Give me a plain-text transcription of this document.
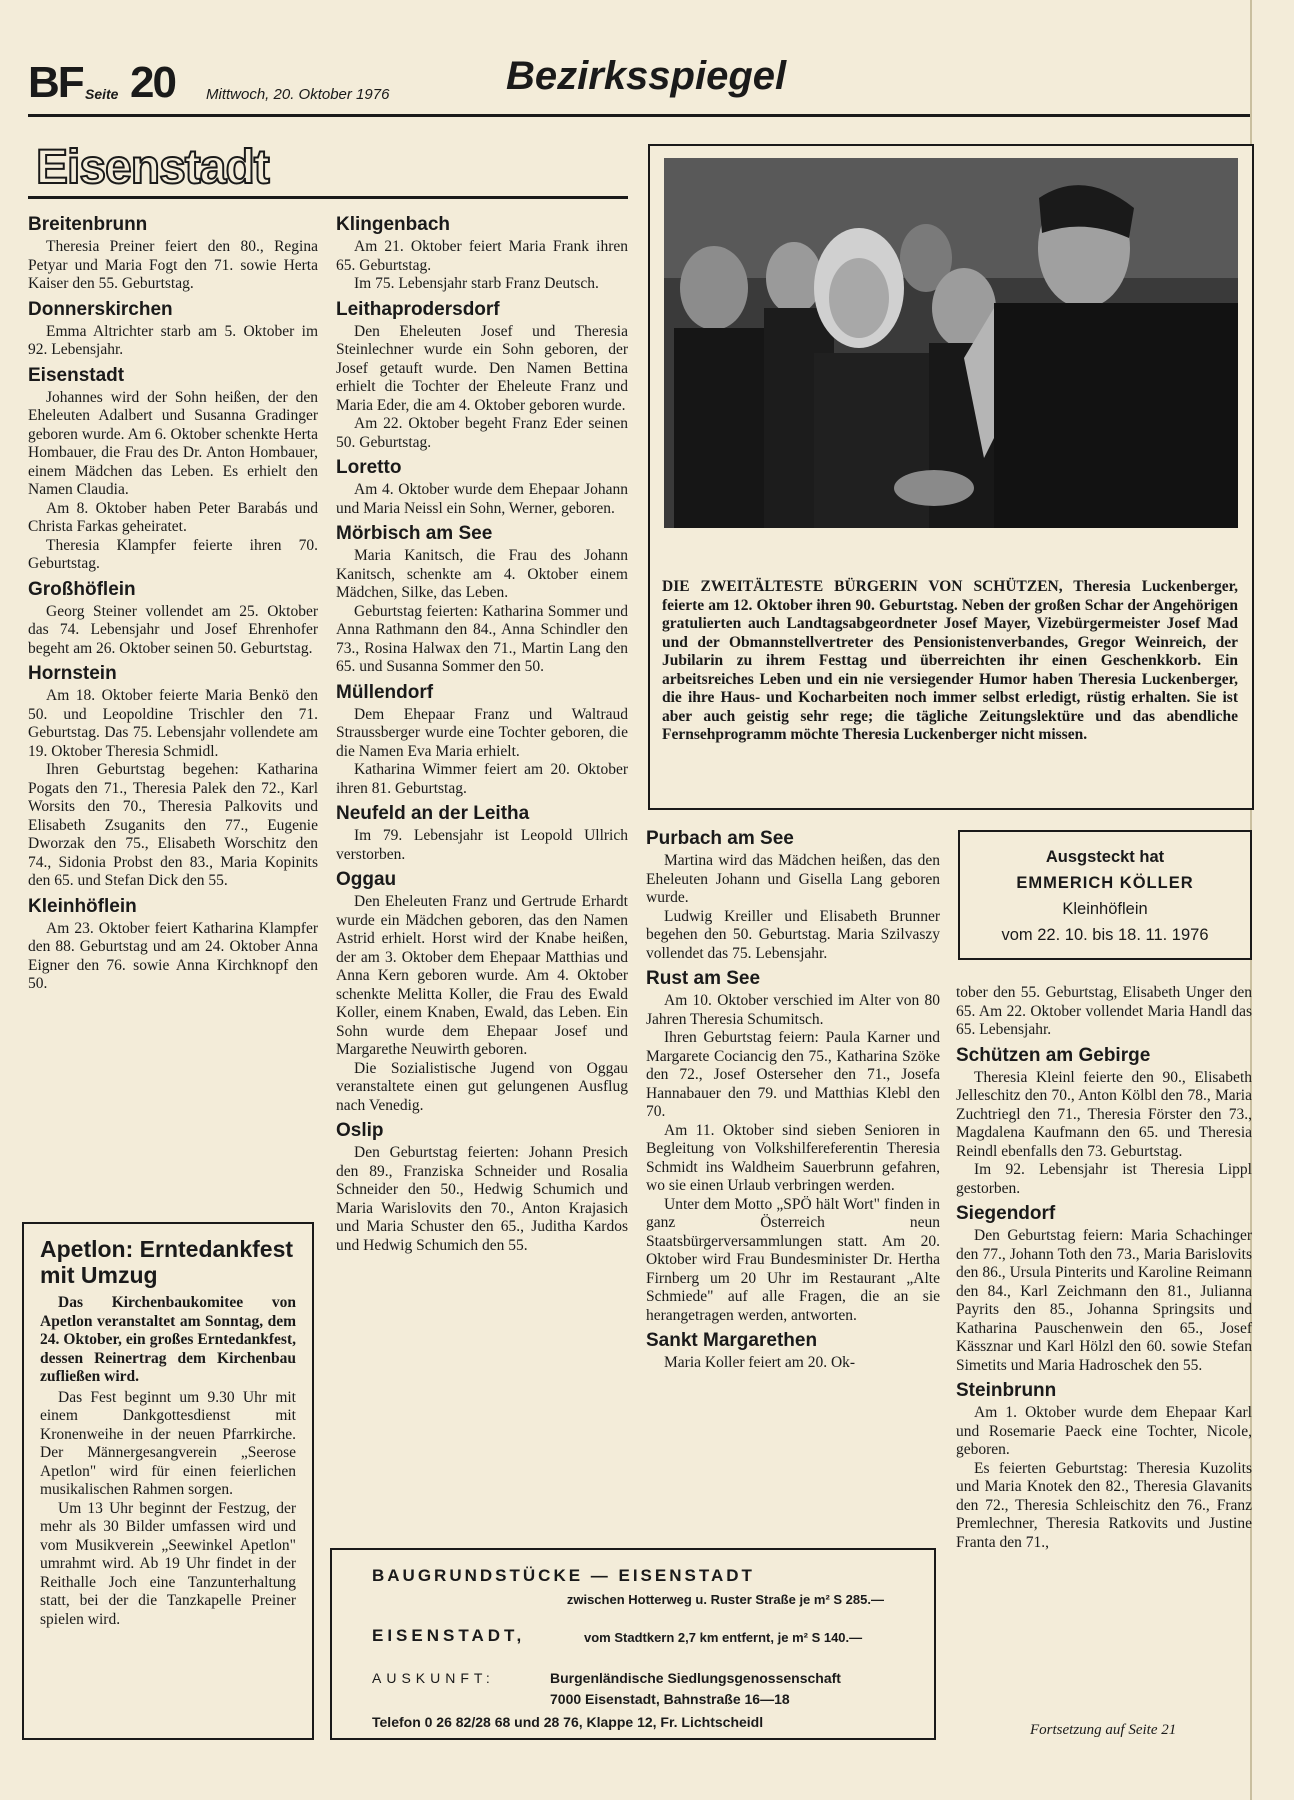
BF Seite 20 Mittwoch, 20. Oktober 1976	Bezirksspiegel
Eisenstadt
Breitenbrunn

Theresia Preiner feiert den 80., Regina Petyar und Maria Fogt den 71. sowie Herta Kaiser den 55. Geburtstag.

Donnerskirchen

Emma Altrichter starb am 5. Oktober im 92. Lebensjahr.

Eisenstadt

Johannes wird der Sohn heißen, der den Eheleuten Adalbert und Susanna Gradinger geboren wurde. Am 6. Oktober schenkte Herta Hombauer, die Frau des Dr. Anton Hombauer, einem Mädchen das Leben. Es erhielt den Namen Claudia.

Am 8. Oktober haben Peter Barabás und Christa Farkas geheiratet.

Theresia Klampfer feierte ihren 70. Geburtstag.

Großhöflein

Georg Steiner vollendet am 25. Oktober das 74. Lebensjahr und Josef Ehrenhofer begeht am 26. Oktober seinen 50. Geburtstag.

Hornstein

Am 18. Oktober feierte Maria Benkö den 50. und Leopoldine Trischler den 71. Geburtstag. Das 75. Lebensjahr vollendete am 19. Oktober Theresia Schmidl.

Ihren Geburtstag begehen: Katharina Pogats den 71., Theresia Palek den 72., Karl Worsits den 70., Theresia Palkovits und Elisabeth Zsuganits den 77., Eugenie Dworzak den 75., Elisabeth Worschitz den 74., Sidonia Probst den 83., Maria Kopinits den 65. und Stefan Dick den 55.

Kleinhöflein

Am 23. Oktober feiert Katharina Klampfer den 88. Geburtstag und am 24. Oktober Anna Eigner den 76. sowie Anna Kirchknopf den 50.

Klingenbach

Am 21. Oktober feiert Maria Frank ihren 65. Geburtstag.

Im 75. Lebensjahr starb Franz Deutsch.

Leithaprodersdorf

Den Eheleuten Josef und Theresia Steinlechner wurde ein Sohn geboren, der Josef getauft wurde. Den Namen Bettina erhielt die Tochter der Eheleute Franz und Maria Eder, die am 4. Oktober geboren wurde.

Am 22. Oktober begeht Franz Eder seinen 50. Geburtstag.

Loretto

Am 4. Oktober wurde dem Ehepaar Johann und Maria Neissl ein Sohn, Werner, geboren.

Mörbisch am See

Maria Kanitsch, die Frau des Johann Kanitsch, schenkte am 4. Oktober einem Mädchen, Silke, das Leben.

Geburtstag feierten: Katharina Sommer und Anna Rathmann den 84., Anna Schindler den 73., Rosina Halwax den 71., Martin Lang den 65. und Susanna Sommer den 50.

Müllendorf

Dem Ehepaar Franz und Waltraud Straussberger wurde eine Tochter geboren, die die Namen Eva Maria erhielt.

Katharina Wimmer feiert am 20. Oktober ihren 81. Geburtstag.

Neufeld an der Leitha

Im 79. Lebensjahr ist Leopold Ullrich verstorben.

Oggau

Den Eheleuten Franz und Gertrude Erhardt wurde ein Mädchen geboren, das den Namen Astrid erhielt. Horst wird der Knabe heißen, der am 3. Oktober dem Ehepaar Matthias und Anna Kern geboren wurde. Am 4. Oktober schenkte Melitta Koller, die Frau des Ewald Koller, einem Knaben, Ewald, das Leben. Ein Sohn wurde dem Ehepaar Josef und Margarethe Neuwirth geboren.

Die Sozialistische Jugend von Oggau veranstaltete einen gut gelungenen Ausflug nach Venedig.

Oslip

Den Geburtstag feierten: Johann Presich den 89., Franziska Schneider und Rosalia Schneider den 50., Hedwig Schumich und Maria Warislovits den 70., Anton Krajasich und Maria Schuster den 65., Juditha Kardos und Hedwig Schumich den 55.

Purbach am See

Martina wird das Mädchen heißen, das den Eheleuten Johann und Gisella Lang geboren wurde.

Ludwig Kreiller und Elisabeth Brunner begehen den 50. Geburtstag. Maria Szilvaszy vollendet das 75. Lebensjahr.

Rust am See

Am 10. Oktober verschied im Alter von 80 Jahren Theresia Schumitsch.

Ihren Geburtstag feiern: Paula Karner und Margarete Cociancig den 75., Katharina Szöke den 72., Josef Osterseher den 71., Josefa Hannabauer den 79. und Matthias Klebl den 70.

Am 11. Oktober sind sieben Senioren in Begleitung von Volkshilfereferentin Theresia Schmidt ins Waldheim Sauerbrunn gefahren, wo sie einen Urlaub verbringen werden.

Unter dem Motto „SPÖ hält Wort" finden in ganz Österreich neun Staatsbürgerversammlungen statt. Am 20. Oktober wird Frau Bundesminister Dr. Hertha Firnberg um 20 Uhr im Restaurant „Alte Schmiede" auf alle Fragen, die an sie herangetragen werden, antworten.

Sankt Margarethen

Maria Koller feiert am 20. Ok-

tober den 55. Geburtstag, Elisabeth Unger den 65. Am 22. Oktober vollendet Maria Handl das 65. Lebensjahr.

Schützen am Gebirge

Theresia Kleinl feierte den 90., Elisabeth Jelleschitz den 70., Anton Kölbl den 78., Maria Zuchtriegl den 71., Theresia Förster den 73., Magdalena Kaufmann den 65. und Theresia Reindl ebenfalls den 73. Geburtstag.

Im 92. Lebensjahr ist Theresia Lippl gestorben.

Siegendorf

Den Geburtstag feiern: Maria Schachinger den 77., Johann Toth den 73., Maria Barislovits den 86., Ursula Pinterits und Karoline Reimann den 84., Karl Zeichmann den 81., Julianna Payrits den 85., Johanna Springsits und Katharina Pauschenwein den 65., Josef Kässznar und Karl Hölzl den 60. sowie Stefan Simetits und Maria Hadroschek den 55.

Steinbrunn

Am 1. Oktober wurde dem Ehepaar Karl und Rosemarie Paeck eine Tochter, Nicole, geboren.

Es feierten Geburtstag: Theresia Kuzolits und Maria Knotek den 82., Theresia Glavanits den 72., Theresia Schleischitz den 76., Franz Premlechner, Theresia Ratkovits und Justine Franta den 71.,

DIE ZWEITÄLTESTE BÜRGERIN VON SCHÜTZEN, Theresia Luckenberger, feierte am 12. Oktober ihren 90. Geburtstag. Neben der großen Schar der Angehörigen gratulierten auch Landtagsabgeordneter Josef Mayer, Vizebürgermeister Josef Mad und der Obmannstellvertreter des Pensionistenverbandes, Gregor Weinreich, der Jubilarin zu ihrem Festtag und überreichten ihr einen Geschenkkorb. Ein arbeitsreiches Leben und ein nie versiegender Humor haben Theresia Luckenberger, die ihre Haus- und Kocharbeiten noch immer selbst erledigt, rüstig erhalten. Sie ist aber auch geistig sehr rege; die tägliche Zeitungslektüre und das abendliche Fernsehprogramm möchte Theresia Luckenberger nicht missen.
Ausgsteckt hat
EMMERICH KÖLLER
Kleinhöflein
vom 22. 10. bis 18. 11. 1976
Apetlon: Erntedankfest mit Umzug

Das Kirchenbaukomitee von Apetlon veranstaltet am Sonntag, dem 24. Oktober, ein großes Erntedankfest, dessen Reinertrag dem Kirchenbau zufließen wird.

Das Fest beginnt um 9.30 Uhr mit einem Dankgottesdienst mit Kronenweihe in der neuen Pfarrkirche. Der Männergesangverein „Seerose Apetlon" wird für einen feierlichen musikalischen Rahmen sorgen.

Um 13 Uhr beginnt der Festzug, der mehr als 30 Bilder umfassen wird und vom Musikverein „Seewinkel Apetlon" umrahmt wird. Ab 19 Uhr findet in der Reithalle Joch eine Tanzunterhaltung statt, bei der die Tanzkapelle Preiner spielen wird.

BAUGRUNDSTÜCKE — EISENSTADT
zwischen Hotterweg u. Ruster Straße je m² S 285.—
EISENSTADT,	vom Stadtkern 2,7 km entfernt, je m² S 140.—
AUSKUNFT:	Burgenländische Siedlungsgenossenschaft
7000 Eisenstadt, Bahnstraße 16—18
Telefon 0 26 82/28 68 und 28 76, Klappe 12, Fr. Lichtscheidl	Fortsetzung auf Seite 21
